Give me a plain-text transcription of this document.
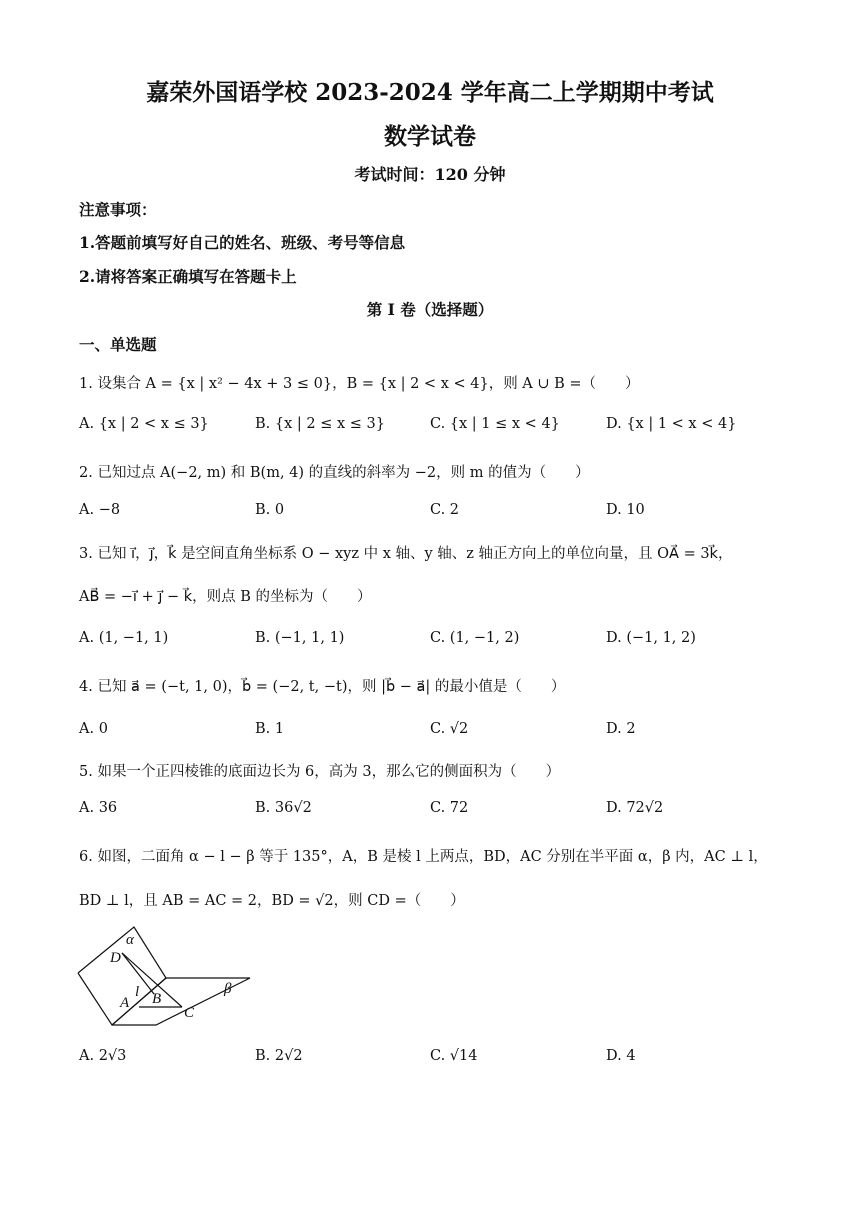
嘉荣外国语学校 2023-2024 学年高二上学期期中考试
数学试卷
考试时间：120 分钟
注意事项：
1.答题前填写好自己的姓名、班级、考号等信息
2.请将答案正确填写在答题卡上
第 I 卷（选择题）
一、单选题
1. 设集合 A = {x | x² − 4x + 3 ≤ 0}，B = {x | 2 < x < 4}，则 A ∪ B =（　　）
A. {x | 2 < x ≤ 3}	B. {x | 2 ≤ x ≤ 3}	C. {x | 1 ≤ x < 4}	D. {x | 1 < x < 4}
2. 已知过点 A(−2, m) 和 B(m, 4) 的直线的斜率为 −2，则 m 的值为（　　）
A. −8	B. 0	C. 2	D. 10
3. 已知 i⃗，j⃗，k⃗ 是空间直角坐标系 O − xyz 中 x 轴、y 轴、z 轴正方向上的单位向量，且 OA⃗ = 3k⃗，
AB⃗ = −i⃗ + j⃗ − k⃗，则点 B 的坐标为（　　）
A. (1, −1, 1)	B. (−1, 1, 1)	C. (1, −1, 2)	D. (−1, 1, 2)
4. 已知 a⃗ = (−t, 1, 0)，b⃗ = (−2, t, −t)，则 |b⃗ − a⃗| 的最小值是（　　）
A. 0	B. 1	C. √2	D. 2
5. 如果一个正四棱锥的底面边长为 6，高为 3，那么它的侧面积为（　　）
A. 36	B. 36√2	C. 72	D. 72√2
6. 如图，二面角 α − l − β 等于 135°，A，B 是棱 l 上两点，BD，AC 分别在半平面 α，β 内，AC ⊥ l，
BD ⊥ l，且 AB = AC = 2，BD = √2，则 CD =（　　）
α
D
β
A
l B
C
A. 2√3	B. 2√2	C. √14	D. 4
